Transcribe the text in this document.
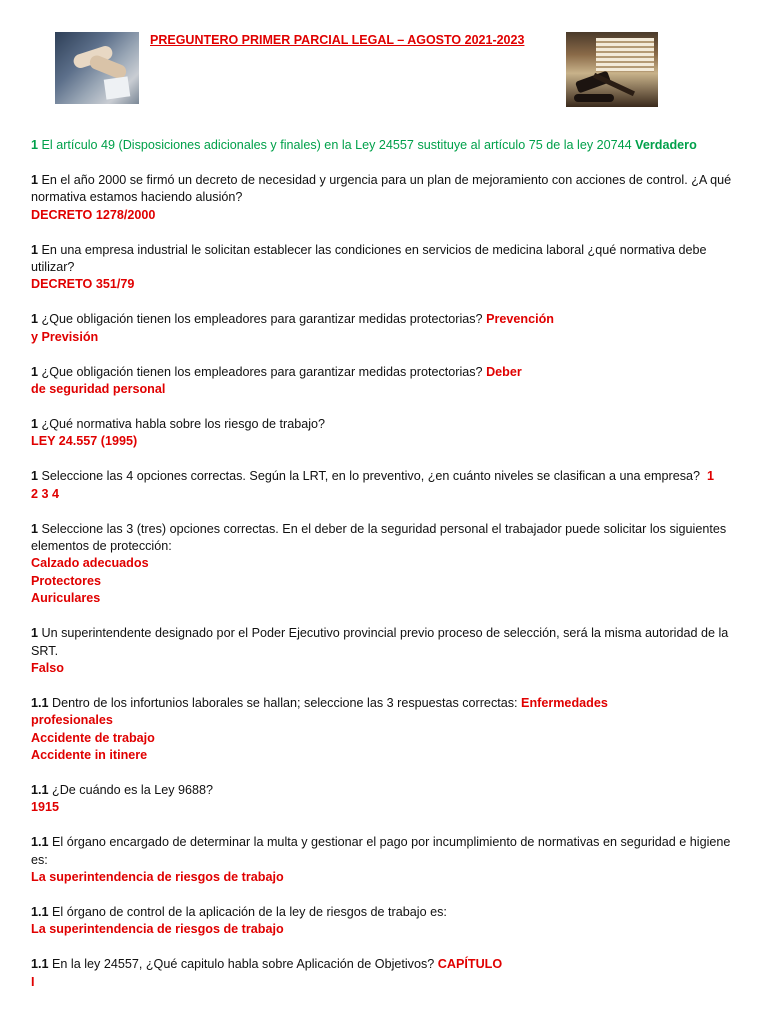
PREGUNTERO PRIMER PARCIAL LEGAL – AGOSTO 2021-2023
1 El artículo 49 (Disposiciones adicionales y finales) en la Ley 24557 sustituye al artículo 75 de la ley 20744 Verdadero
1 En el año 2000 se firmó un decreto de necesidad y urgencia para un plan de mejoramiento con acciones de control. ¿A qué normativa estamos haciendo alusión?
DECRETO 1278/2000
1 En una empresa industrial le solicitan establecer las condiciones en servicios de medicina laboral ¿qué normativa debe utilizar?
DECRETO 351/79
1 ¿Que obligación tienen los empleadores para garantizar medidas protectorias? Prevención
y Previsión
1 ¿Que obligación tienen los empleadores para garantizar medidas protectorias? Deber
de seguridad personal
1 ¿Qué normativa habla sobre los riesgo de trabajo?
LEY 24.557 (1995)
1 Seleccione las 4 opciones correctas. Según la LRT, en lo preventivo, ¿en cuánto niveles se clasifican a una empresa? 1
2 3 4
1 Seleccione las 3 (tres) opciones correctas. En el deber de la seguridad personal el trabajador puede solicitar los siguientes elementos de protección:
Calzado adecuados
Protectores
Auriculares
1 Un superintendente designado por el Poder Ejecutivo provincial previo proceso de selección, será la misma autoridad de la SRT.
Falso
1.1 Dentro de los infortunios laborales se hallan; seleccione las 3 respuestas correctas: Enfermedades
profesionales
Accidente de trabajo
Accidente in itinere
1.1 ¿De cuándo es la Ley 9688?
1915
1.1 El órgano encargado de determinar la multa y gestionar el pago por incumplimiento de normativas en seguridad e higiene es:
La superintendencia de riesgos de trabajo
1.1 El órgano de control de la aplicación de la ley de riesgos de trabajo es:
La superintendencia de riesgos de trabajo
1.1 En la ley 24557, ¿Qué capitulo habla sobre Aplicación de Objetivos? CAPÍTULO
I
